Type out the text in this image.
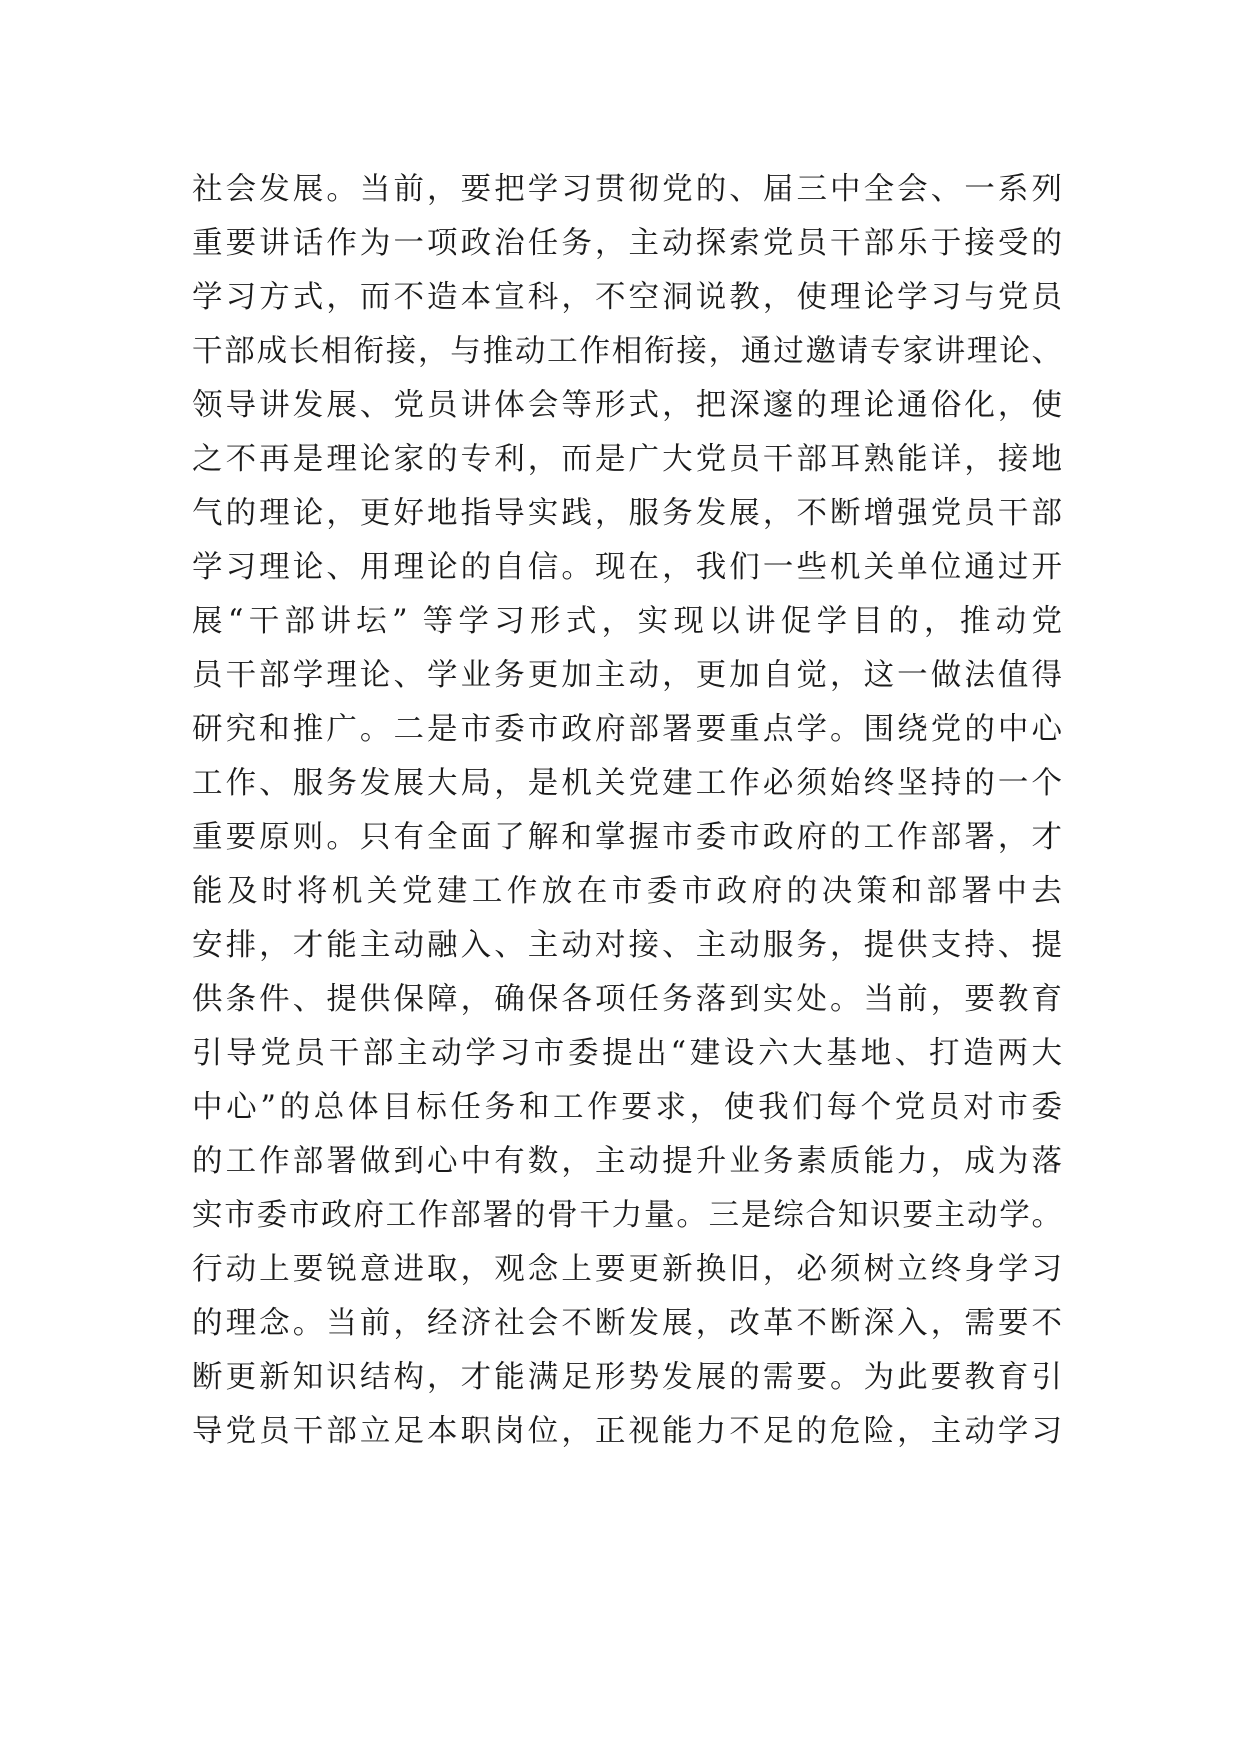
社会发展。当前，要把学习贯彻党的、届三中全会、一系列
重要讲话作为一项政治任务，主动探索党员干部乐于接受的
学习方式，而不造本宣科，不空洞说教，使理论学习与党员
干部成长相衔接，与推动工作相衔接，通过邀请专家讲理论、
领导讲发展、党员讲体会等形式，把深邃的理论通俗化，使
之不再是理论家的专利，而是广大党员干部耳熟能详，接地
气的理论，更好地指导实践，服务发展，不断增强党员干部
学习理论、用理论的自信。现在，我们一些机关单位通过开
展“干部讲坛” 等学习形式，实现以讲促学目的，推动党
员干部学理论、学业务更加主动，更加自觉，这一做法值得
研究和推广。二是市委市政府部署要重点学。围绕党的中心
工作、服务发展大局，是机关党建工作必须始终坚持的一个
重要原则。只有全面了解和掌握市委市政府的工作部署，才
能及时将机关党建工作放在市委市政府的决策和部署中去
安排，才能主动融入、主动对接、主动服务，提供支持、提
供条件、提供保障，确保各项任务落到实处。当前，要教育
引导党员干部主动学习市委提出“建设六大基地、打造两大
中心”的总体目标任务和工作要求，使我们每个党员对市委
的工作部署做到心中有数，主动提升业务素质能力，成为落
实市委市政府工作部署的骨干力量。三是综合知识要主动学。
行动上要锐意进取，观念上要更新换旧，必须树立终身学习
的理念。当前，经济社会不断发展，改革不断深入，需要不
断更新知识结构，才能满足形势发展的需要。为此要教育引
导党员干部立足本职岗位，正视能力不足的危险，主动学习
